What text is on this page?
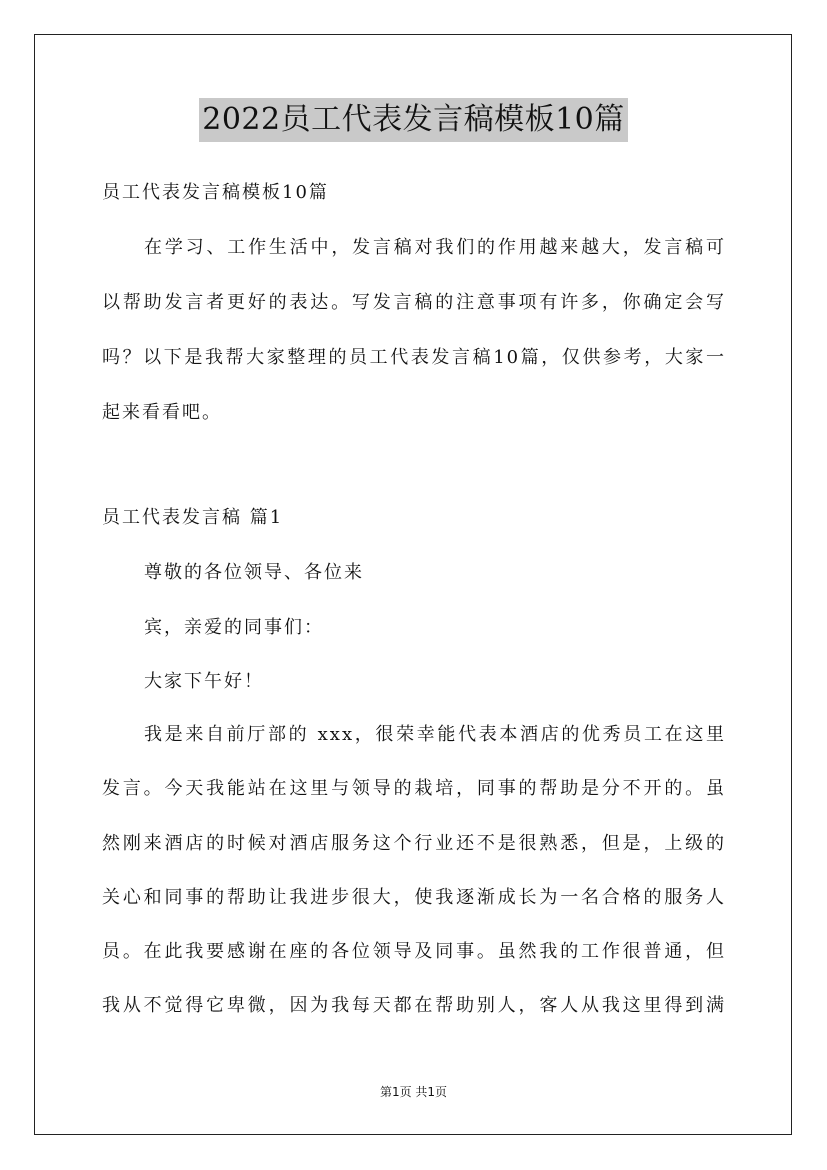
2022员工代表发言稿模板10篇
员工代表发言稿模板10篇
在学习、工作生活中，发言稿对我们的作用越来越大，发言稿可
以帮助发言者更好的表达。写发言稿的注意事项有许多，你确定会写
吗？以下是我帮大家整理的员工代表发言稿10篇，仅供参考，大家一
起来看看吧。
员工代表发言稿 篇1
尊敬的各位领导、各位来
宾，亲爱的同事们：
大家下午好！
我是来自前厅部的 xxx，很荣幸能代表本酒店的优秀员工在这里
发言。今天我能站在这里与领导的栽培，同事的帮助是分不开的。虽
然刚来酒店的时候对酒店服务这个行业还不是很熟悉，但是，上级的
关心和同事的帮助让我进步很大，使我逐渐成长为一名合格的服务人
员。在此我要感谢在座的各位领导及同事。虽然我的工作很普通，但
我从不觉得它卑微，因为我每天都在帮助别人，客人从我这里得到满
第1页 共1页
